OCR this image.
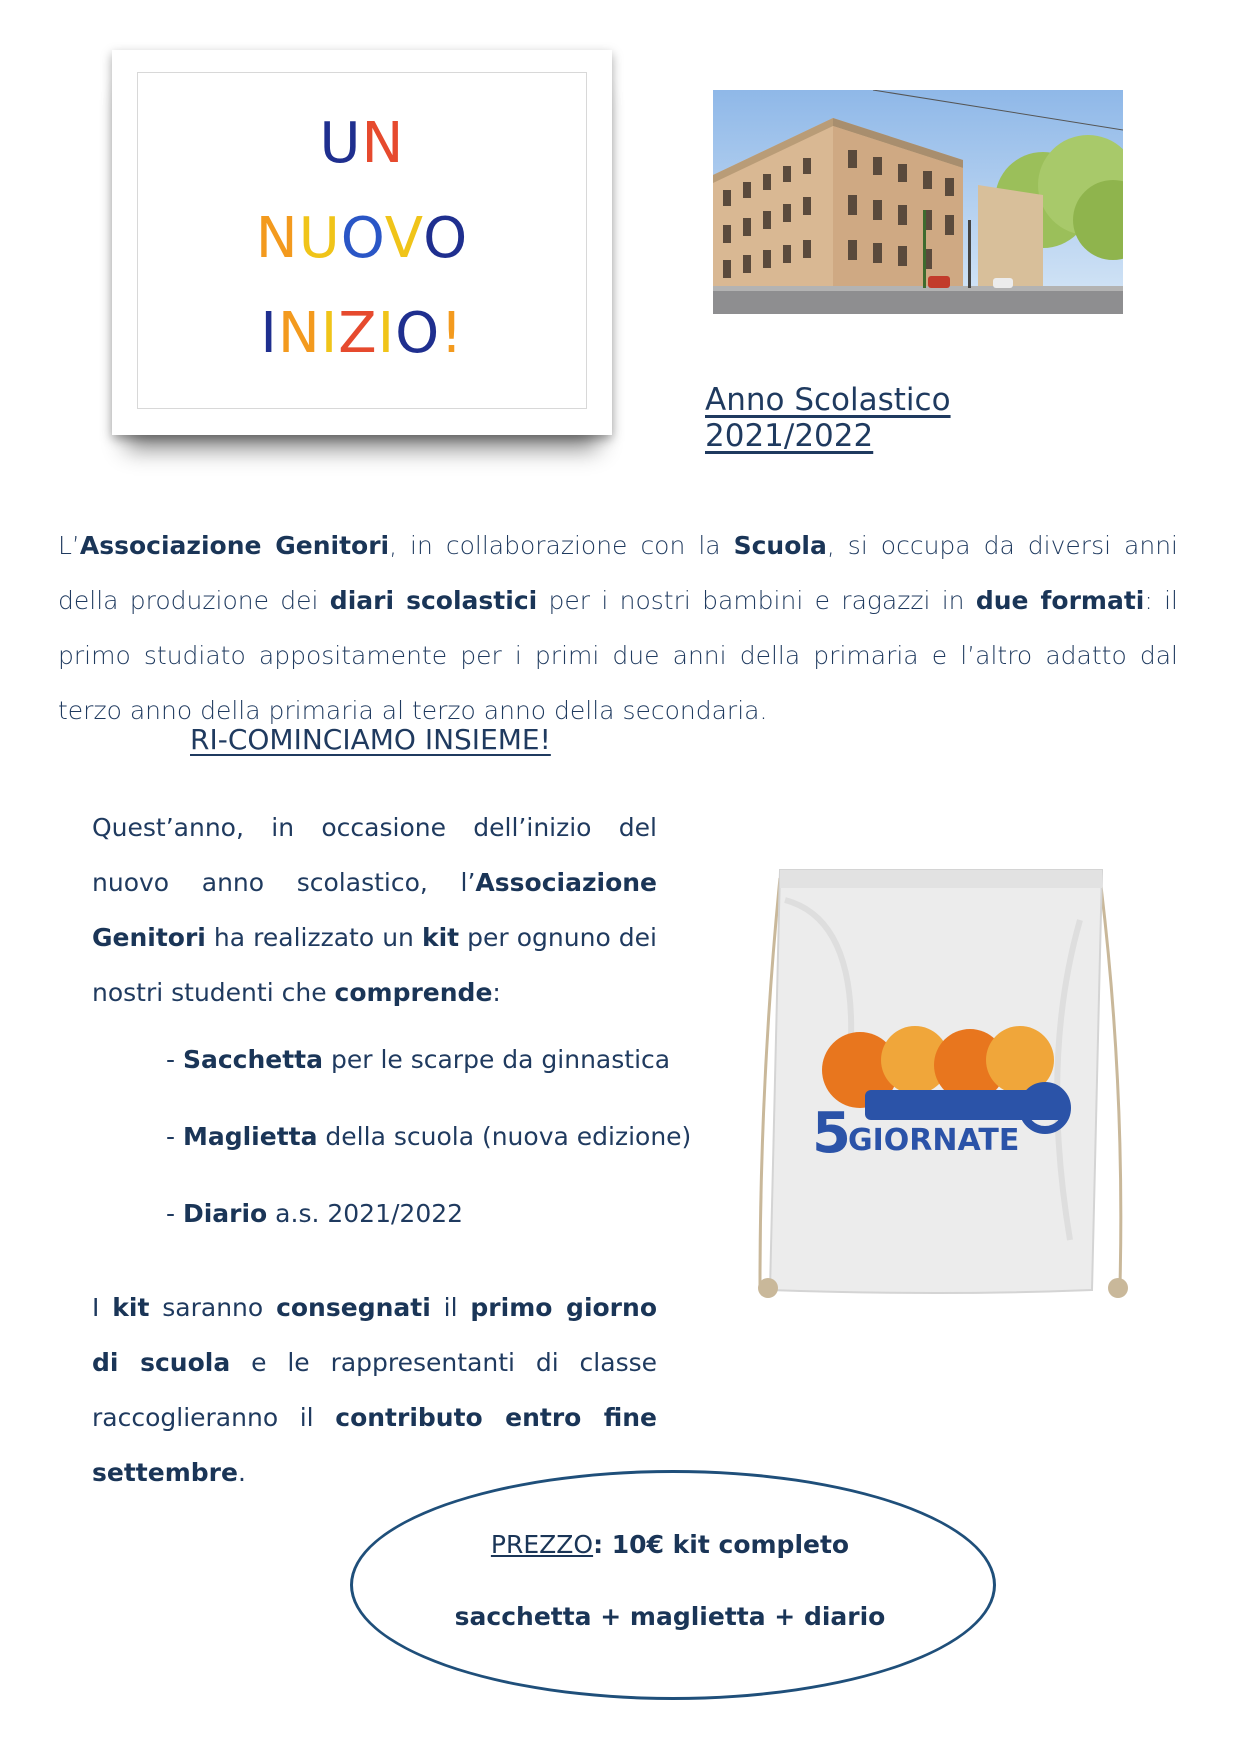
UN
NUOVO
INIZIO!
Anno Scolastico 2021/2022
L’Associazione Genitori, in collaborazione con la Scuola, si occupa da diversi anni della produzione dei diari scolastici per i nostri bambini e ragazzi in due formati: il primo studiato appositamente per i primi due anni della primaria e l’altro adatto dal terzo anno della primaria al terzo anno della secondaria.
RI-COMINCIAMO INSIEME!
Quest’anno, in occasione dell’inizio del nuovo anno scolastico, l’Associazione Genitori ha realizzato un kit per ognuno dei nostri studenti che comprende:
- Sacchetta per le scarpe da ginnastica
- Maglietta della scuola (nuova edizione)
- Diario a.s. 2021/2022
I kit saranno consegnati il primo giorno di scuola e le rappresentanti di classe raccoglieranno il contributo entro fine settembre.
5
GIORNATE
PREZZO: 10€ kit completo
sacchetta + maglietta + diario
